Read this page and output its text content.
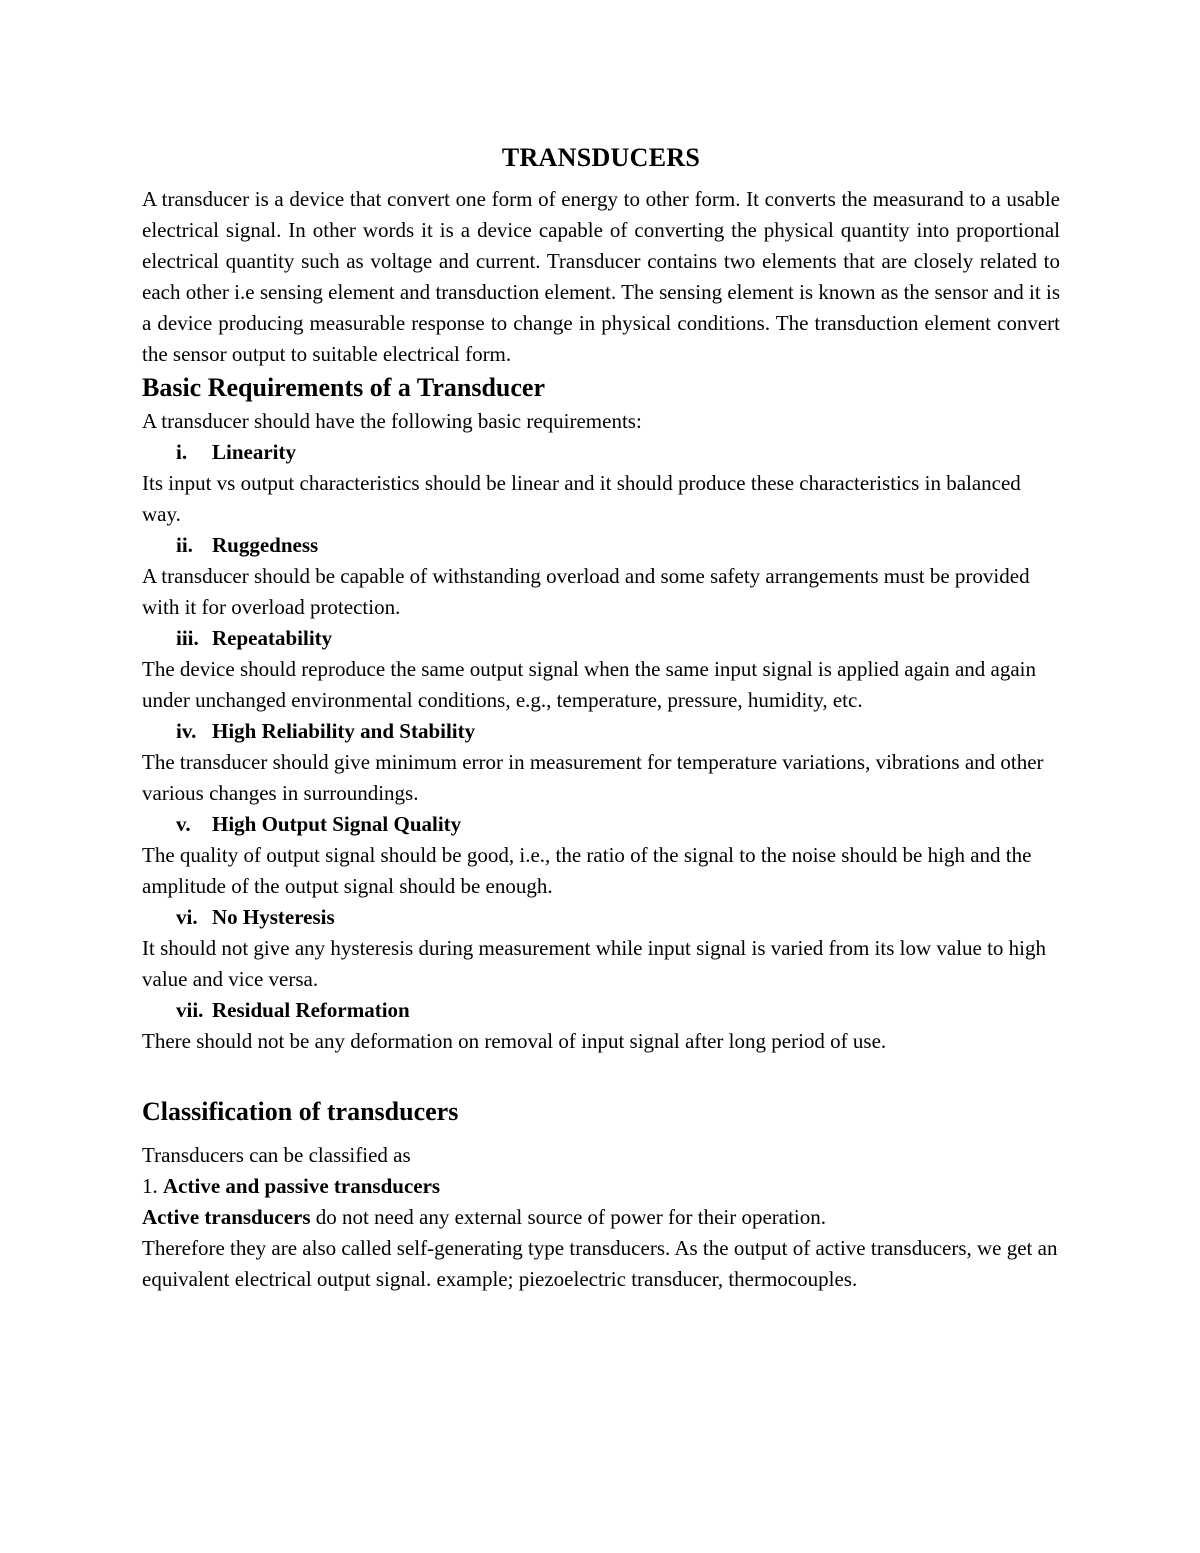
TRANSDUCERS

A transducer is a device that convert one form of energy to other form. It converts the measurand to a usable electrical signal. In other words it is a device capable of converting the physical quantity into proportional electrical quantity such as voltage and current. Transducer contains two elements that are closely related to each other i.e sensing element and transduction element. The sensing element is known as the sensor and it is a device producing measurable response to change in physical conditions. The transduction element convert the sensor output to suitable electrical form.

Basic Requirements of a Transducer

A transducer should have the following basic requirements:

i.	Linearity

Its input vs output characteristics should be linear and it should produce these characteristics in balanced way.

ii. Ruggedness

A transducer should be capable of withstanding overload and some safety arrangements must be provided with it for overload protection.

iii. Repeatability

The device should reproduce the same output signal when the same input signal is applied again and again under unchanged environmental conditions, e.g., temperature, pressure, humidity, etc.

iv. High Reliability and Stability

The transducer should give minimum error in measurement for temperature variations, vibrations and other various changes in surroundings.

v.	High Output Signal Quality

The quality of output signal should be good, i.e., the ratio of the signal to the noise should be high and the amplitude of the output signal should be enough.

vi. No Hysteresis

It should not give any hysteresis during measurement while input signal is varied from its low value to high value and vice versa.

vii. Residual Reformation

There should not be any deformation on removal of input signal after long period of use.

Classification of transducers

Transducers can be classified as

1. Active and passive transducers

Active transducers do not need any external source of power for their operation.

Therefore they are also called self-generating type transducers. As the output of active transducers, we get an equivalent electrical output signal. example; piezoelectric transducer, thermocouples.
